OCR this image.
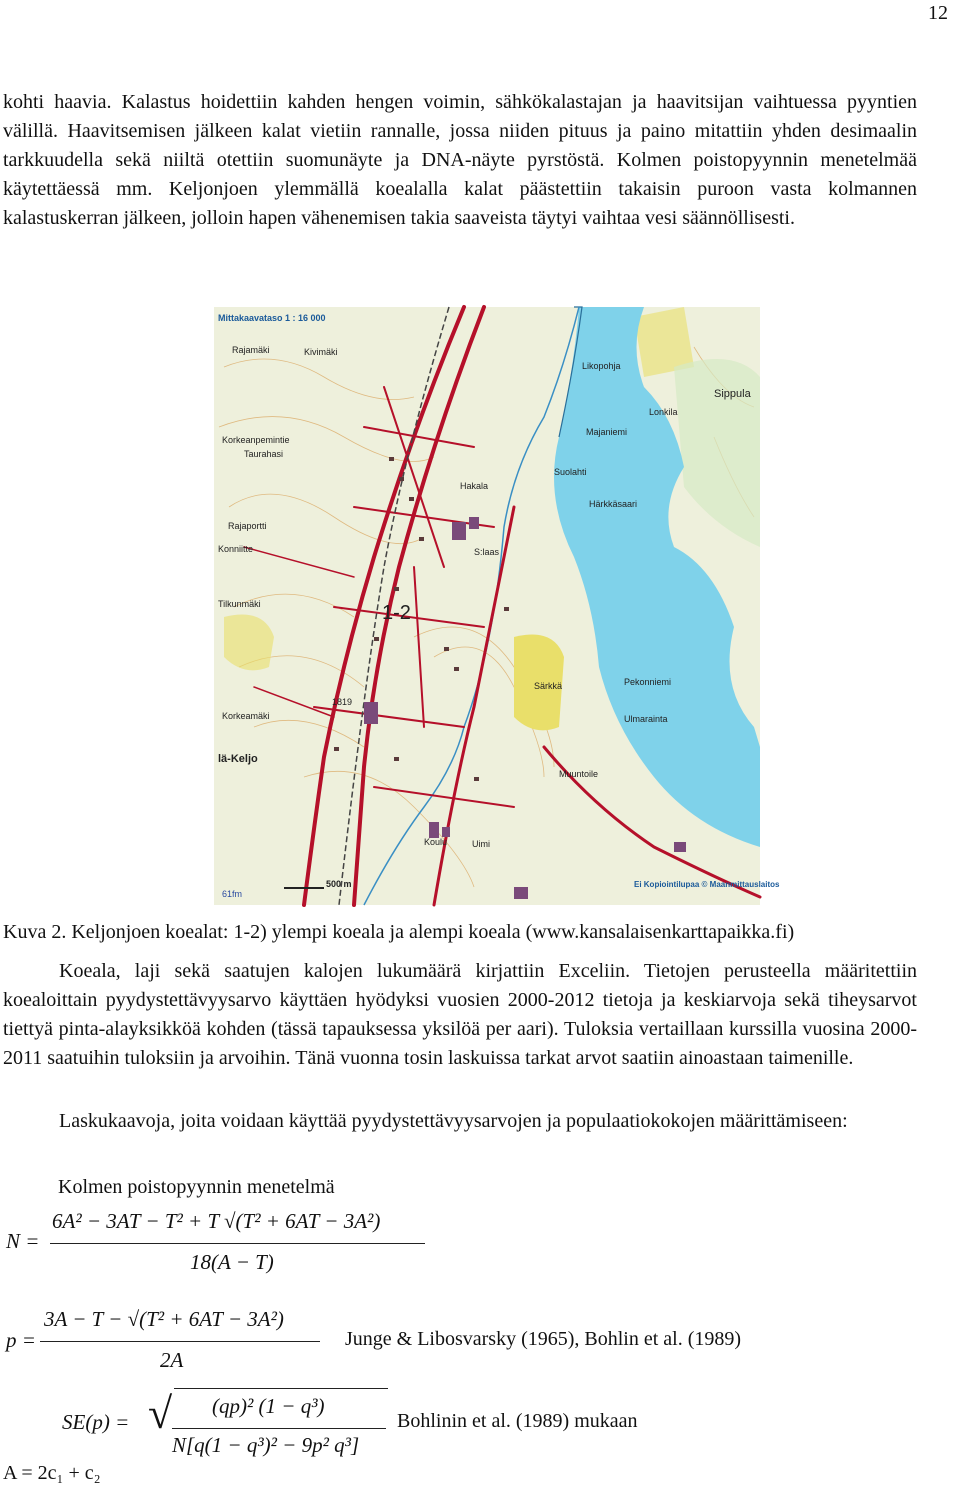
12

kohti haavia. Kalastus hoidettiin kahden hengen voimin, sähkökalastajan ja haavitsijan vaihtuessa pyyntien välillä. Haavitsemisen jälkeen kalat vietiin rannalle, jossa niiden pituus ja paino mitattiin yhden desimaalin tarkkuudella sekä niiltä otettiin suomunäyte ja DNA-näyte pyrstöstä. Kolmen poistopyynnin menetelmää käytettäessä mm. Keljonjoen ylemmällä koealalla kalat päästettiin takaisin puroon vasta kolmannen kalastuskerran jälkeen, jolloin hapen vähenemisen takia saaveista täytyi vaihtaa vesi säännöllisesti.

Mittakaavataso 1 : 16 000
Rajamäki	Kivimäki
Korkeanpemintie
Taurahasi
Rajaportti
Konniitte
Tilkunmäki
Korkeamäki
lä-Keljo
Likopohja
Lonkila
Sippula
Majaniemi
Suolahti
Hakala
Härkkäsaari
S:laas
Särkkä	Pekonniemi
Ulmarainta
Muuntoile
Koulu	Uimi
1819
1-2
61fm
500 m	Ei Kopiointilupaa © Maanmittauslaitos
Kuva 2. Keljonjoen koealat: 1-2) ylempi koeala ja alempi koeala (www.kansalaisenkarttapaikka.fi)

Koeala, laji sekä saatujen kalojen lukumäärä kirjattiin Exceliin. Tietojen perusteella määritettiin koealoittain pyydystettävyysarvo käyttäen hyödyksi vuosien 2000-2012 tietoja ja keskiarvoja sekä tiheysarvot tiettyä pinta-alayksikköä kohden (tässä tapauksessa yksilöä per aari). Tuloksia vertaillaan kurssilla vuosina 2000-2011 saatuihin tuloksiin ja arvoihin. Tänä vuonna tosin laskuissa tarkat arvot saatiin ainoastaan taimenille.

Laskukaavoja, joita voidaan käyttää pyydystettävyysarvojen ja populaatiokokojen määrittämiseen:

Kolmen poistopyynnin menetelmä
N =
6A² − 3AT − T² + T √(T² + 6AT − 3A²)
18(A − T)
p =
3A − T − √(T² + 6AT − 3A²)
2A
Junge & Libosvarsky (1965), Bohlin et al. (1989)
SE(p) = √ (qp)² (1 − q³)
N[q(1 − q³)² − 9p² q³]
Bohlinin et al. (1989) mukaan
A = 2c₁ + c₂
